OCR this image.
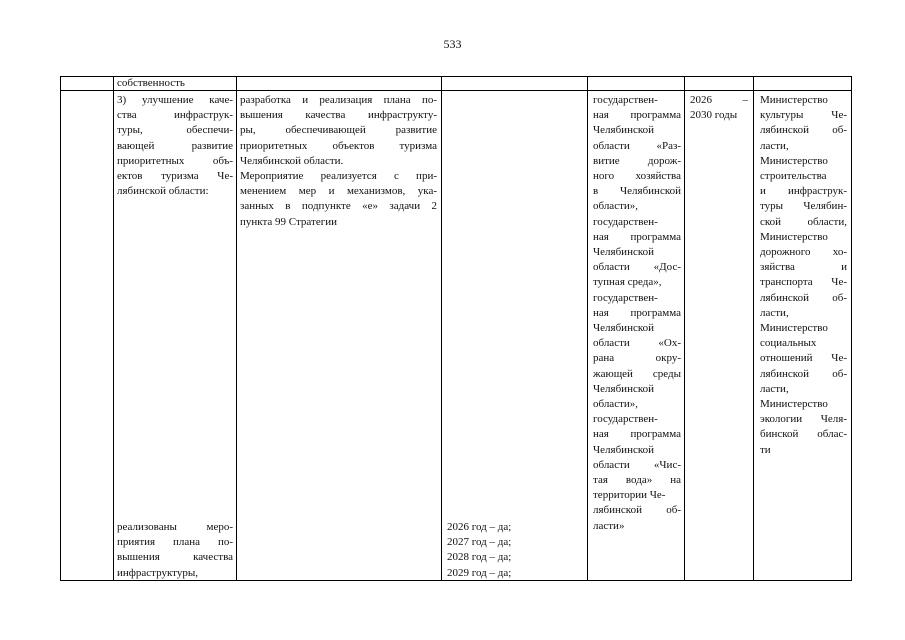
533
собственность
3) улучшение каче-
ства инфраструк-
туры, обеспечи-
вающей развитие
приоритетных объ-
ектов туризма Че-
лябинской области:
разработка и реализация плана по-
вышения качества инфраструкту-
ры, обеспечивающей развитие
приоритетных объектов туризма
Челябинской области.
Мероприятие реализуется с при-
менением мер и механизмов, ука-
занных в подпункте «е» задачи 2
пункта 99 Стратегии
государствен-
ная программа
Челябинской
области «Раз-
витие дорож-
ного хозяйства
в Челябинской
области»,
государствен-
ная программа
Челябинской
области «Дос-
тупная среда»,
государствен-
ная программа
Челябинской
области «Ох-
рана окру-
жающей среды
Челябинской
области»,
государствен-
ная программа
Челябинской
области «Чис-
тая вода» на
территории Че-
лябинской об-
ласти»
2026 –
2030 годы
Министерство
культуры Че-
лябинской об-
ласти,
Министерство
строительства
и инфраструк-
туры Челябин-
ской области,
Министерство
дорожного хо-
зяйства и
транспорта Че-
лябинской об-
ласти,
Министерство
социальных
отношений Че-
лябинской об-
ласти,
Министерство
экологии Челя-
бинской облас-
ти
реализованы меро-
приятия плана по-
вышения качества
инфраструктуры,
2026 год – да;
2027 год – да;
2028 год – да;
2029 год – да;
